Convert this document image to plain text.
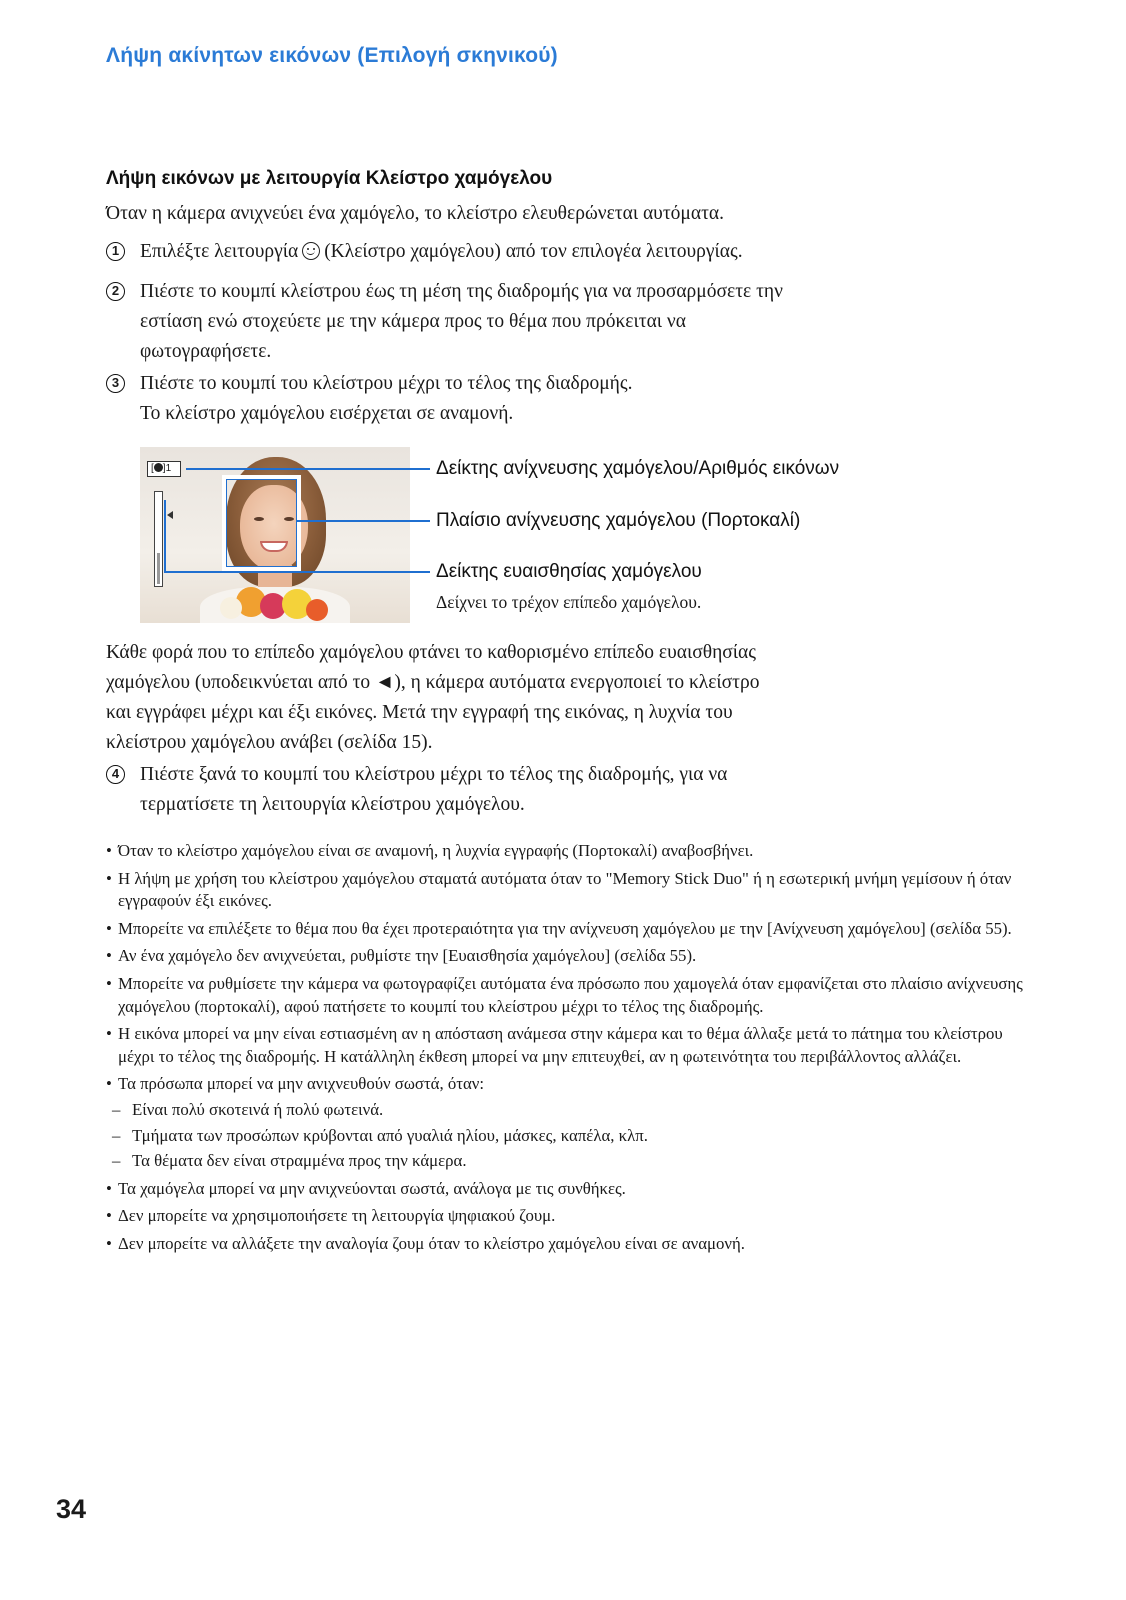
Λήψη ακίνητων εικόνων (Επιλογή σκηνικού)
Λήψη εικόνων με λειτουργία Κλείστρο χαμόγελου
Όταν η κάμερα ανιχνεύει ένα χαμόγελο, το κλείστρο ελευθερώνεται αυτόματα.
1	Επιλέξτε λειτουργία (Κλείστρο χαμόγελου) από τον επιλογέα λειτουργίας.
2	Πιέστε το κουμπί κλείστρου έως τη μέση της διαδρομής για να προσαρμόσετε την
εστίαση ενώ στοχεύετε με την κάμερα προς το θέμα που πρόκειται να
φωτογραφήσετε.
3	Πιέστε το κουμπί του κλείστρου μέχρι το τέλος της διαδρομής.
Το κλείστρο χαμόγελου εισέρχεται σε αναμονή.
[ ]1	Δείκτης ανίχνευσης χαμόγελου/Αριθμός εικόνων
Πλαίσιο ανίχνευσης χαμόγελου (Πορτοκαλί)
Δείκτης ευαισθησίας χαμόγελου
Δείχνει το τρέχον επίπεδο χαμόγελου.
Κάθε φορά που το επίπεδο χαμόγελου φτάνει το καθορισμένο επίπεδο ευαισθησίας
χαμόγελου (υποδεικνύεται από το ◄), η κάμερα αυτόματα ενεργοποιεί το κλείστρο
και εγγράφει μέχρι και έξι εικόνες. Μετά την εγγραφή της εικόνας, η λυχνία του
κλείστρου χαμόγελου ανάβει (σελίδα 15).
4	Πιέστε ξανά το κουμπί του κλείστρου μέχρι το τέλος της διαδρομής, για να
τερματίσετε τη λειτουργία κλείστρου χαμόγελου.
• Όταν το κλείστρο χαμόγελου είναι σε αναμονή, η λυχνία εγγραφής (Πορτοκαλί) αναβοσβήνει.
• Η λήψη με χρήση του κλείστρου χαμόγελου σταματά αυτόματα όταν το "Memory Stick Duo" ή η εσωτερική μνήμη γεμίσουν ή όταν εγγραφούν έξι εικόνες.
• Μπορείτε να επιλέξετε το θέμα που θα έχει προτεραιότητα για την ανίχνευση χαμόγελου με την [Ανίχνευση χαμόγελου] (σελίδα 55).
• Αν ένα χαμόγελο δεν ανιχνεύεται, ρυθμίστε την [Ευαισθησία χαμόγελου] (σελίδα 55).
• Μπορείτε να ρυθμίσετε την κάμερα να φωτογραφίζει αυτόματα ένα πρόσωπο που χαμογελά όταν εμφανίζεται στο πλαίσιο ανίχνευσης χαμόγελου (πορτοκαλί), αφού πατήσετε το κουμπί του κλείστρου μέχρι το τέλος της διαδρομής.
• Η εικόνα μπορεί να μην είναι εστιασμένη αν η απόσταση ανάμεσα στην κάμερα και το θέμα άλλαξε μετά το πάτημα του κλείστρου μέχρι το τέλος της διαδρομής. Η κατάλληλη έκθεση μπορεί να μην επιτευχθεί, αν η φωτεινότητα του περιβάλλοντος αλλάζει.
• Τα πρόσωπα μπορεί να μην ανιχνευθούν σωστά, όταν:
– Είναι πολύ σκοτεινά ή πολύ φωτεινά.
– Τμήματα των προσώπων κρύβονται από γυαλιά ηλίου, μάσκες, καπέλα, κλπ.
– Τα θέματα δεν είναι στραμμένα προς την κάμερα.
• Τα χαμόγελα μπορεί να μην ανιχνεύονται σωστά, ανάλογα με τις συνθήκες.
• Δεν μπορείτε να χρησιμοποιήσετε τη λειτουργία ψηφιακού ζουμ.
• Δεν μπορείτε να αλλάξετε την αναλογία ζουμ όταν το κλείστρο χαμόγελου είναι σε αναμονή.
34
